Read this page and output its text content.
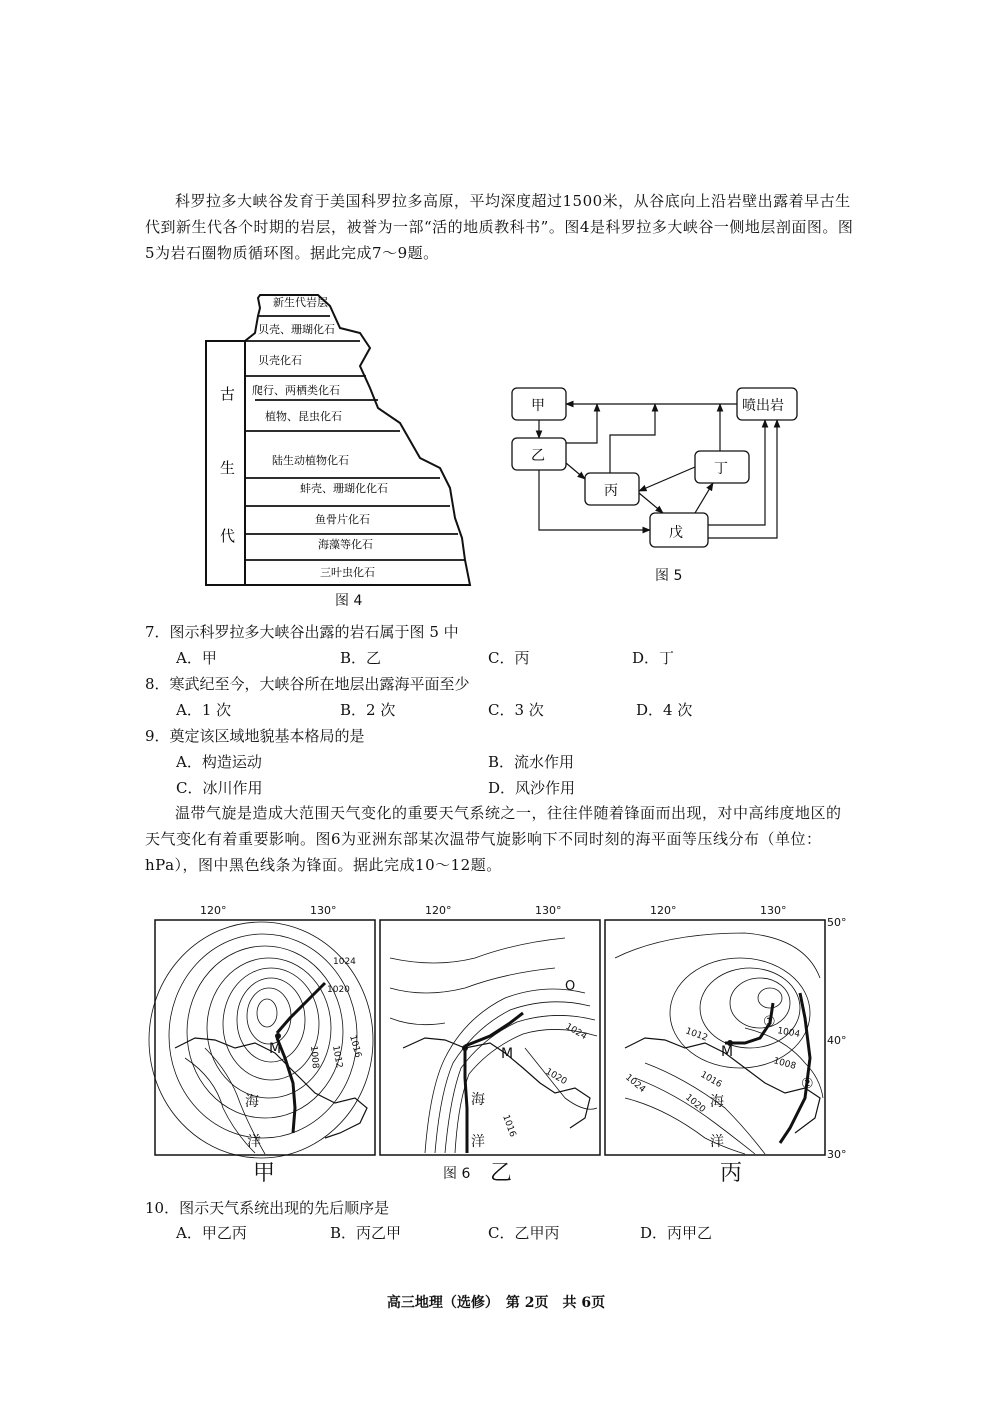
科罗拉多大峡谷发育于美国科罗拉多高原，平均深度超过1500米，从谷底向上沿岩壁出露着早古生代到新生代各个时期的岩层，被誉为一部“活的地质教科书”。图4是科罗拉多大峡谷一侧地层剖面图。图5为岩石圈物质循环图。据此完成7～9题。
古
生
代
新生代岩层
贝壳、珊瑚化石
贝壳化石
爬行、两栖类化石
植物、昆虫化石
陆生动植物化石
蚌壳、珊瑚化化石
鱼骨片化石
海藻等化石
三叶虫化石
图 4
甲
乙
丙
丁
戊
喷出岩
图 5
7．图示科罗拉多大峡谷出露的岩石属于图 5 中
A．甲	B．乙	C．丙	D．丁
8．寒武纪至今，大峡谷所在地层出露海平面至少
A．1 次	B．2 次	C．3 次	D．4 次
9．奠定该区域地貌基本格局的是
A．构造运动	B．流水作用
C．冰川作用	D．风沙作用
温带气旋是造成大范围天气变化的重要天气系统之一，往往伴随着锋面而出现，对中高纬度地区的天气变化有着重要影响。图6为亚洲东部某次温带气旋影响下不同时刻的海平面等压线分布（单位：hPa），图中黑色线条为锋面。据此完成10～12题。
120°	130°	120°	130°	120°	130°
50°
40°
30°
1024
1020
1016
1012
1008
M
海
洋
1024
1020
1016
O
M
海
洋
1012	1004
1008
1016
1020
1024
①
②
M
海
洋
甲	图 6 乙	丙
10．图示天气系统出现的先后顺序是
A．甲乙丙	B．丙乙甲	C．乙甲丙	D．丙甲乙
高三地理（选修）　第 2页　共 6页
